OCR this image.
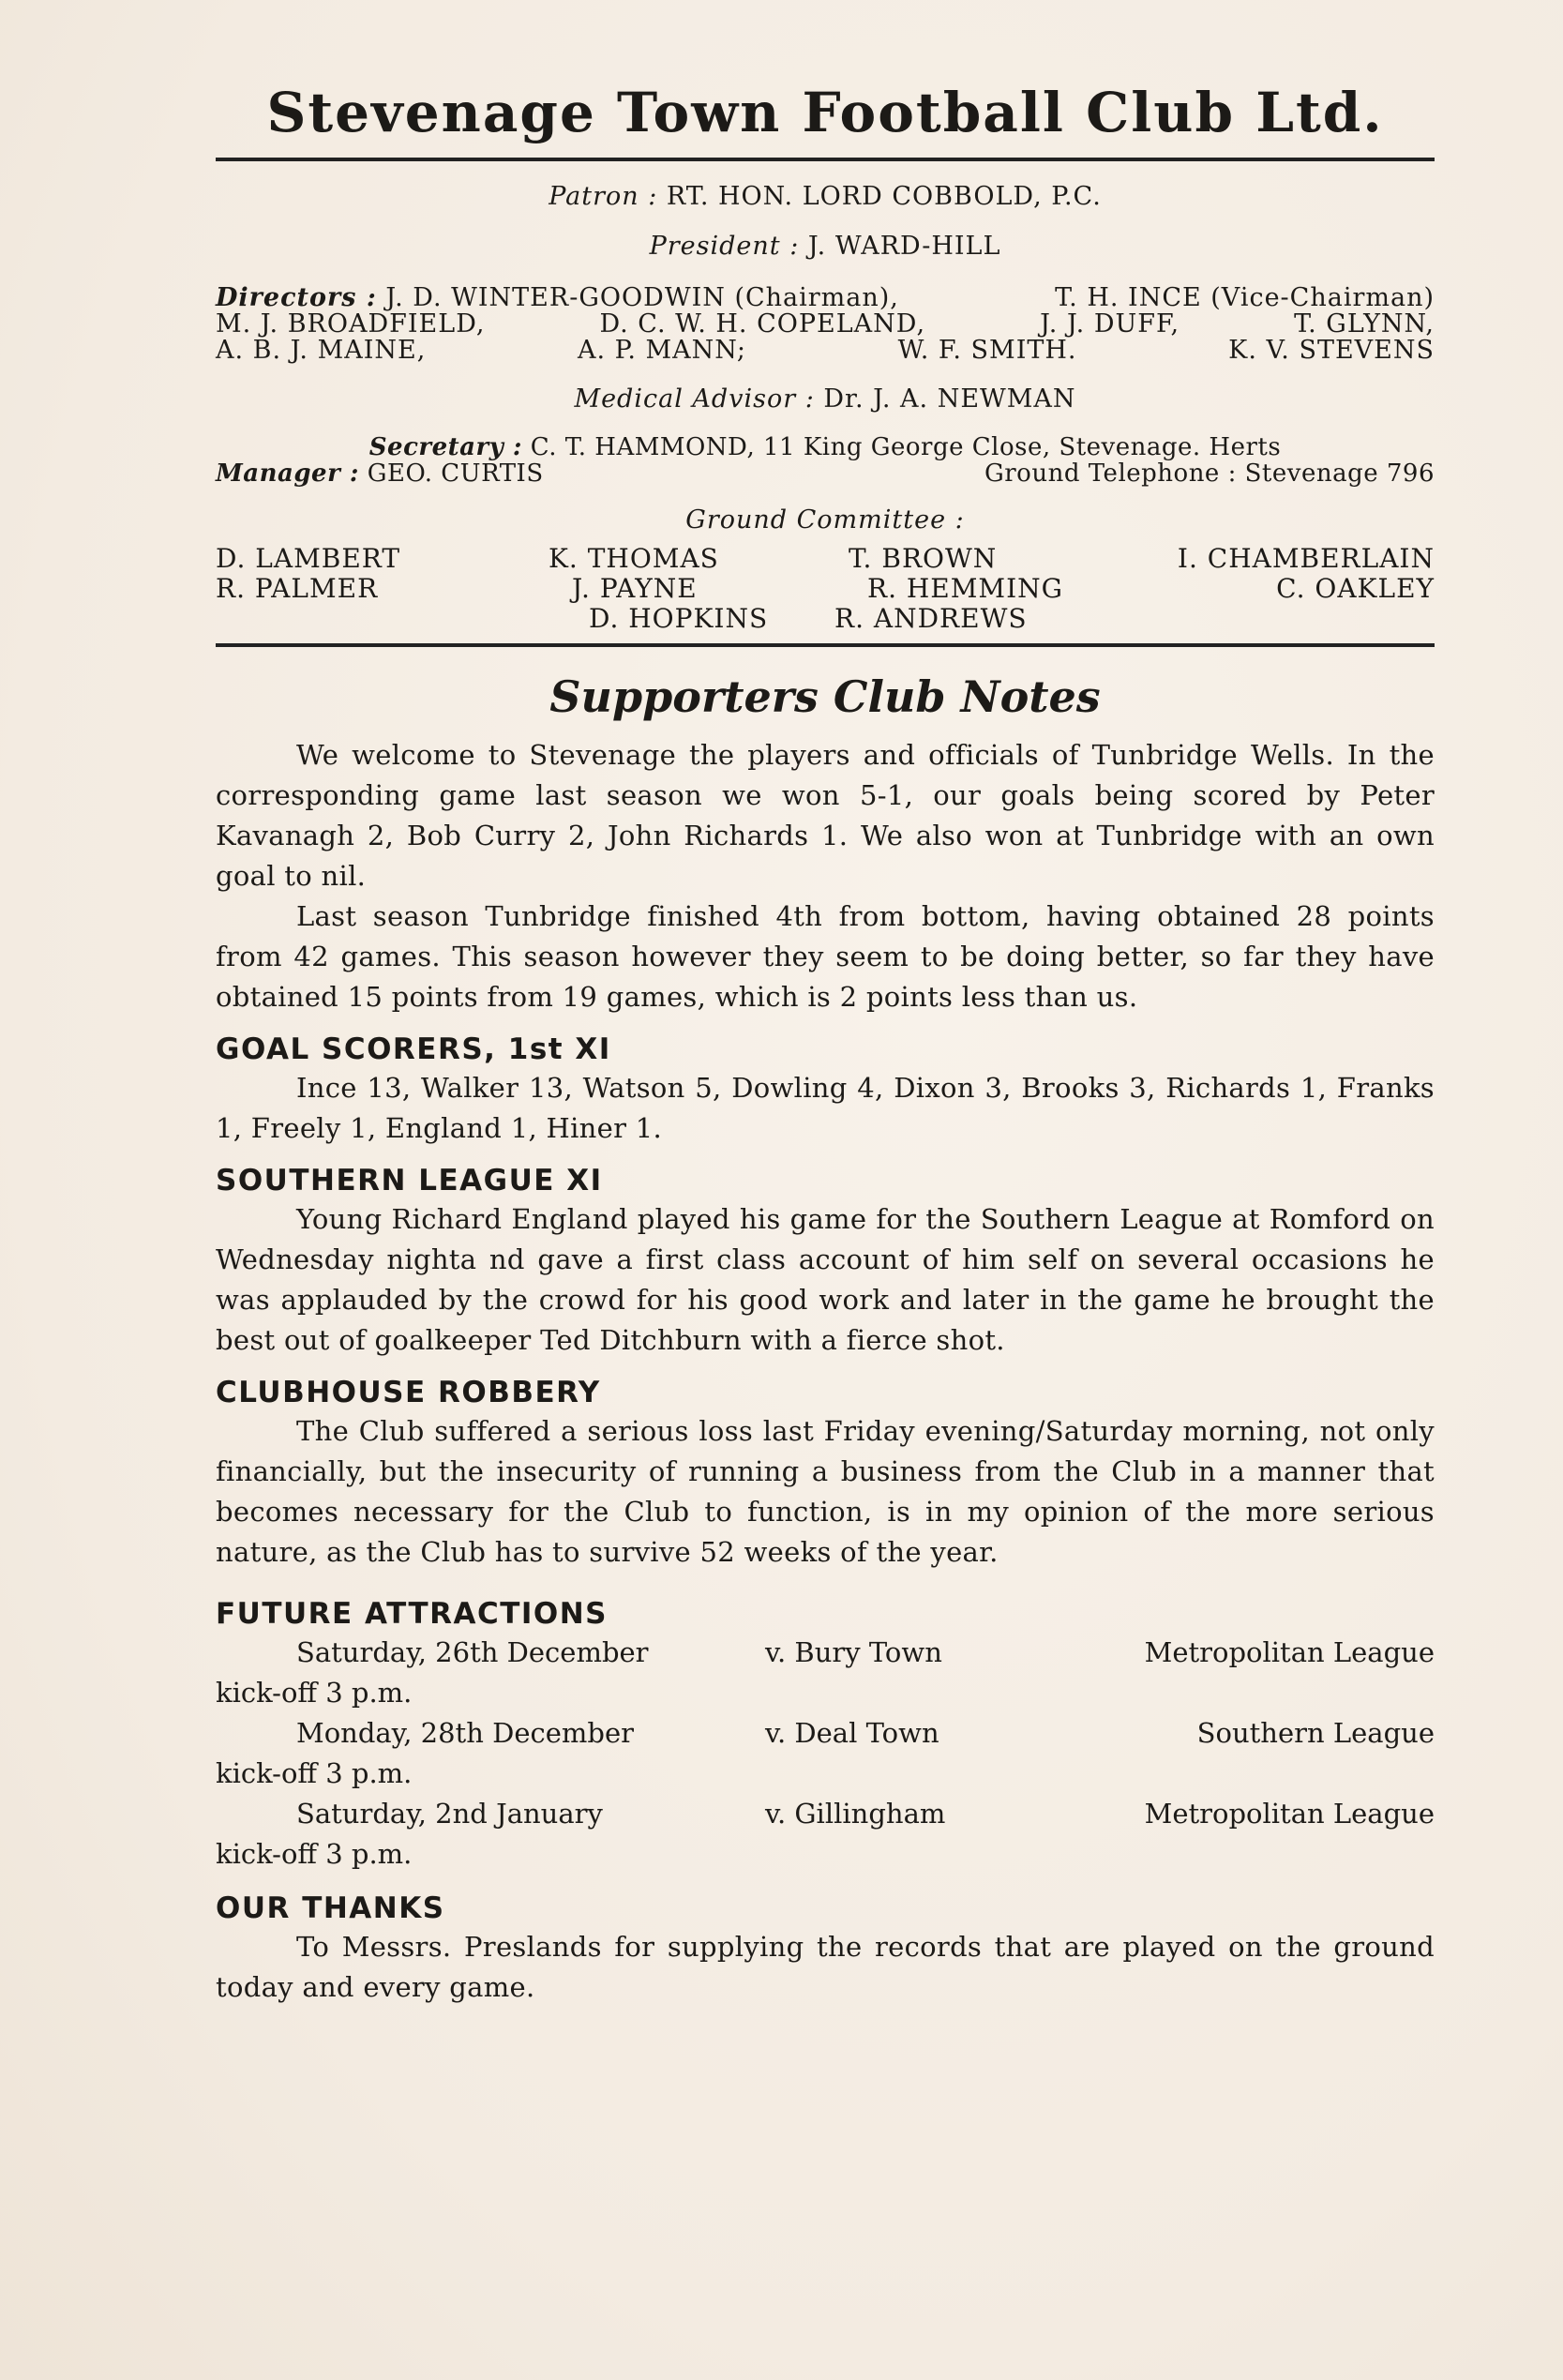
Stevenage Town Football Club Ltd.
Patron : RT. HON. LORD COBBOLD, P.C.
President : J. WARD-HILL
Directors : J. D. WINTER-GOODWIN (Chairman),	T. H. INCE (Vice-Chairman)
M. J. BROADFIELD,	D. C. W. H. COPELAND,	J. J. DUFF,	T. GLYNN,
A. B. J. MAINE,	A. P. MANN;	W. F. SMITH.	K. V. STEVENS
Medical Advisor : Dr. J. A. NEWMAN
Secretary : C. T. HAMMOND, 11 King George Close, Stevenage. Herts
Manager : GEO. CURTIS	Ground Telephone : Stevenage 796
Ground Committee :
D. LAMBERT	K. THOMAS	T. BROWN	I. CHAMBERLAIN
R. PALMER	J. PAYNE	R. HEMMING	C. OAKLEY
D. HOPKINS	R. ANDREWS
Supporters Club Notes

We welcome to Stevenage the players and officials of Tunbridge Wells. In the corresponding game last season we won 5-1, our goals being scored by Peter Kavanagh 2, Bob Curry 2, John Richards 1. We also won at Tunbridge with an own goal to nil.

Last season Tunbridge finished 4th from bottom, having obtained 28 points from 42 games. This season however they seem to be doing better, so far they have obtained 15 points from 19 games, which is 2 points less than us.

GOAL SCORERS, 1st XI

Ince 13, Walker 13, Watson 5, Dowling 4, Dixon 3, Brooks 3, Richards 1, Franks 1, Freely 1, England 1, Hiner 1.

SOUTHERN LEAGUE XI

Young Richard England played his game for the Southern League at Romford on Wednesday nighta nd gave a first class account of him self on several occasions he was applauded by the crowd for his good work and later in the game he brought the best out of goalkeeper Ted Ditchburn with a fierce shot.

CLUBHOUSE ROBBERY

The Club suffered a serious loss last Friday evening/Saturday morning, not only financially, but the insecurity of running a business from the Club in a manner that becomes necessary for the Club to function, is in my opinion of the more serious nature, as the Club has to survive 52 weeks of the year.

FUTURE ATTRACTIONS
Saturday, 26th December	v. Bury Town	Metropolitan League
kick-off 3 p.m.
Monday, 28th December	v. Deal Town	Southern League
kick-off 3 p.m.
Saturday, 2nd January	v. Gillingham	Metropolitan League
kick-off 3 p.m.
OUR THANKS

To Messrs. Preslands for supplying the records that are played on the ground today and every game.
